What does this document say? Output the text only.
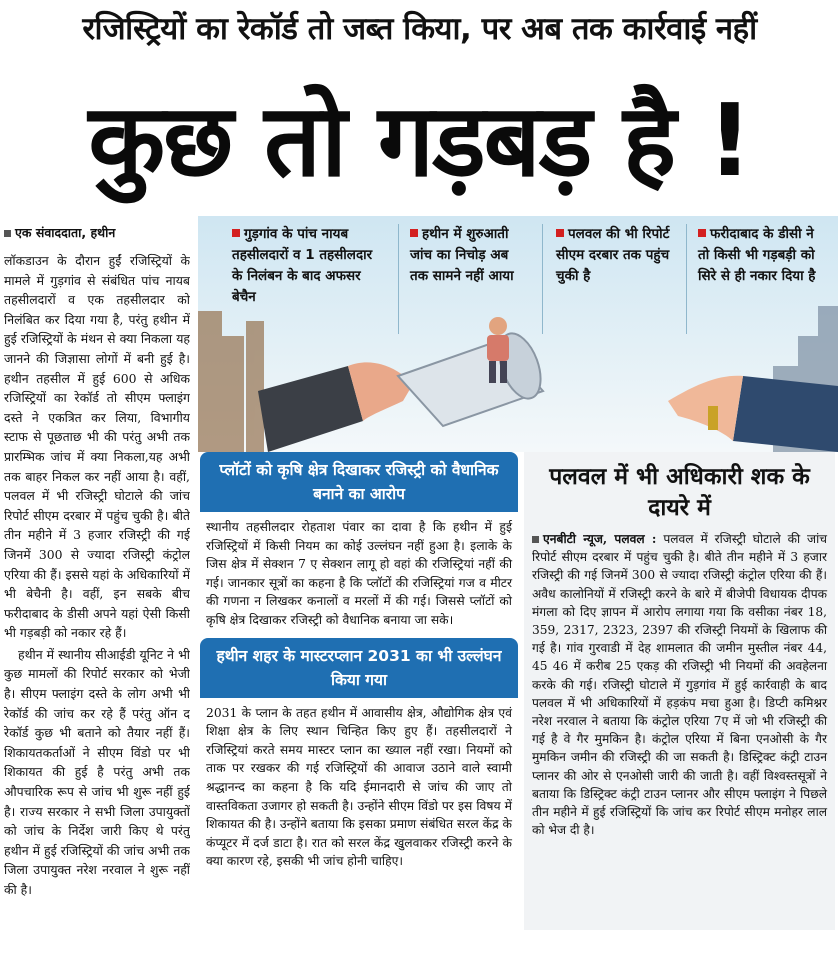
रजिस्ट्रियों का रेकॉर्ड तो जब्त किया, पर अब तक कार्रवाई नहीं
कुछ तो गड़बड़ है !
एक संवाददाता, हथीन

लॉकडाउन के दौरान हुईं रजिस्ट्रियों के मामले में गुड़गांव से संबंधित पांच नायब तहसीलदारों व एक तहसीलदार को निलंबित कर दिया गया है, परंतु हथीन में हुई रजिस्ट्रियों के मंथन से क्या निकला यह जानने की जिज्ञासा लोगों में बनी हुई है। हथीन तहसील में हुई 600 से अधिक रजिस्ट्रियों का रेकॉर्ड तो सीएम फ्लाइंग दस्ते ने एकत्रित कर लिया, विभागीय स्टाफ से पूछताछ भी की परंतु अभी तक प्रारम्भिक जांच में क्या निकला,यह अभी तक बाहर निकल कर नहीं आया है। वहीं, पलवल में भी रजिस्ट्री घोटाले की जांच रिपोर्ट सीएम दरबार में पहुंच चुकी है। बीते तीन महीने में 3 हजार रजिस्ट्री की गई जिनमें 300 से ज्यादा रजिस्ट्री कंट्रोल एरिया की हैं। इससे यहां के अधिकारियों में भी बेचैनी है। वहीं, इन सबके बीच फरीदाबाद के डीसी अपने यहां ऐसी किसी भी गड़बड़ी को नकार रहे हैं।

हथीन में स्थानीय सीआईडी यूनिट ने भी कुछ मामलों की रिपोर्ट सरकार को भेजी है। सीएम फ्लाइंग दस्ते के लोग अभी भी रेकॉर्ड की जांच कर रहे हैं परंतु ऑन द रेकॉर्ड कुछ भी बताने को तैयार नहीं हैं। शिकायतकर्ताओं ने सीएम विंडो पर भी शिकायत की हुई है परंतु अभी तक औपचारिक रूप से जांच भी शुरू नहीं हुई है। राज्य सरकार ने सभी जिला उपायुक्तों को जांच के निर्देश जारी किए थे परंतु हथीन में हुई रजिस्ट्रियों की जांच अभी तक जिला उपायुक्त नरेश नरवाल ने शुरू नहीं की है।

गुड़गांव के पांच नायब तहसीलदारों व 1 तहसीलदार के निलंबन के बाद अफसर बेचैन
हथीन में शुरुआती जांच का निचोड़ अब तक सामने नहीं आया
पलवल की भी रिपोर्ट सीएम दरबार तक पहुंच चुकी है
फरीदाबाद के डीसी ने तो किसी भी गड़बड़ी को सिरे से ही नकार दिया है
प्लॉटों को कृषि क्षेत्र दिखाकर रजिस्ट्री को वैधानिक बनाने का आरोप

स्थानीय तहसीलदार रोहताश पंवार का दावा है कि हथीन में हुई रजिस्ट्रियों में किसी नियम का कोई उल्लंघन नहीं हुआ है। इलाके के जिस क्षेत्र में सेक्शन 7 ए सेक्शन लागू हो वहां की रजिस्ट्रियां नहीं की गई। जानकार सूत्रों का कहना है कि प्लॉटों की रजिस्ट्रियां गज व मीटर की गणना न लिखकर कनालों व मरलों में की गई। जिससे प्लॉटों को कृषि क्षेत्र दिखाकर रजिस्ट्री को वैधानिक बनाया जा सके।

हथीन शहर के मास्टरप्लान 2031 का भी उल्लंघन किया गया

2031 के प्लान के तहत हथीन में आवासीय क्षेत्र, औद्योगिक क्षेत्र एवं शिक्षा क्षेत्र के लिए स्थान चिन्हित किए हुए हैं। तहसीलदारों ने रजिस्ट्रियां करते समय मास्टर प्लान का ख्याल नहीं रखा। नियमों को ताक पर रखकर की गई रजिस्ट्रियों की आवाज उठाने वाले स्वामी श्रद्धानन्द का कहना है कि यदि ईमानदारी से जांच की जाए तो वास्तविकता उजागर हो सकती है। उन्होंने सीएम विंडो पर इस विषय में शिकायत की है। उन्होंने बताया कि इसका प्रमाण संबंधित सरल केंद्र के कंप्यूटर में दर्ज डाटा है। रात को सरल केंद्र खुलवाकर रजिस्ट्री करने के क्या कारण रहे, इसकी भी जांच होनी चाहिए।

पलवल में भी अधिकारी शक के दायरे में

एनबीटी न्यूज, पलवल : पलवल में रजिस्ट्री घोटाले की जांच रिपोर्ट सीएम दरबार में पहुंच चुकी है। बीते तीन महीने में 3 हजार रजिस्ट्री की गई जिनमें 300 से ज्यादा रजिस्ट्री कंट्रोल एरिया की हैं। अवैध कालोनियों में रजिस्ट्री करने के बारे में बीजेपी विधायक दीपक मंगला को दिए ज्ञापन में आरोप लगाया गया कि वसीका नंबर 18, 359, 2317, 2323, 2397 की रजिस्ट्री नियमों के खिलाफ की गई है। गांव गुरवाडी में देह शामलात की जमीन मुस्तील नंबर 44, 45 46 में करीब 25 एकड़ की रजिस्ट्री भी नियमों की अवहेलना करके की गई। रजिस्ट्री घोटाले में गुड़गांव में हुई कार्रवाही के बाद पलवल में भी अधिकारियों में हड़कंप मचा हुआ है। डिप्टी कमिश्नर नरेश नरवाल ने बताया कि कंट्रोल एरिया 7ए में जो भी रजिस्ट्री की गई है वे गैर मुमकिन है। कंट्रोल एरिया में बिना एनओसी के गैर मुमकिन जमीन की रजिस्ट्री की जा सकती है। डिस्ट्रिक्ट कंट्री टाउन प्लानर की ओर से एनओसी जारी की जाती है। वहीं विश्वस्तसूत्रों ने बताया कि डिस्ट्रिक्ट कंट्री टाउन प्लानर और सीएम फ्लाइंग ने पिछले तीन महीने में हुई रजिस्ट्रियों कि जांच कर रिपोर्ट सीएम मनोहर लाल को भेज दी है।
